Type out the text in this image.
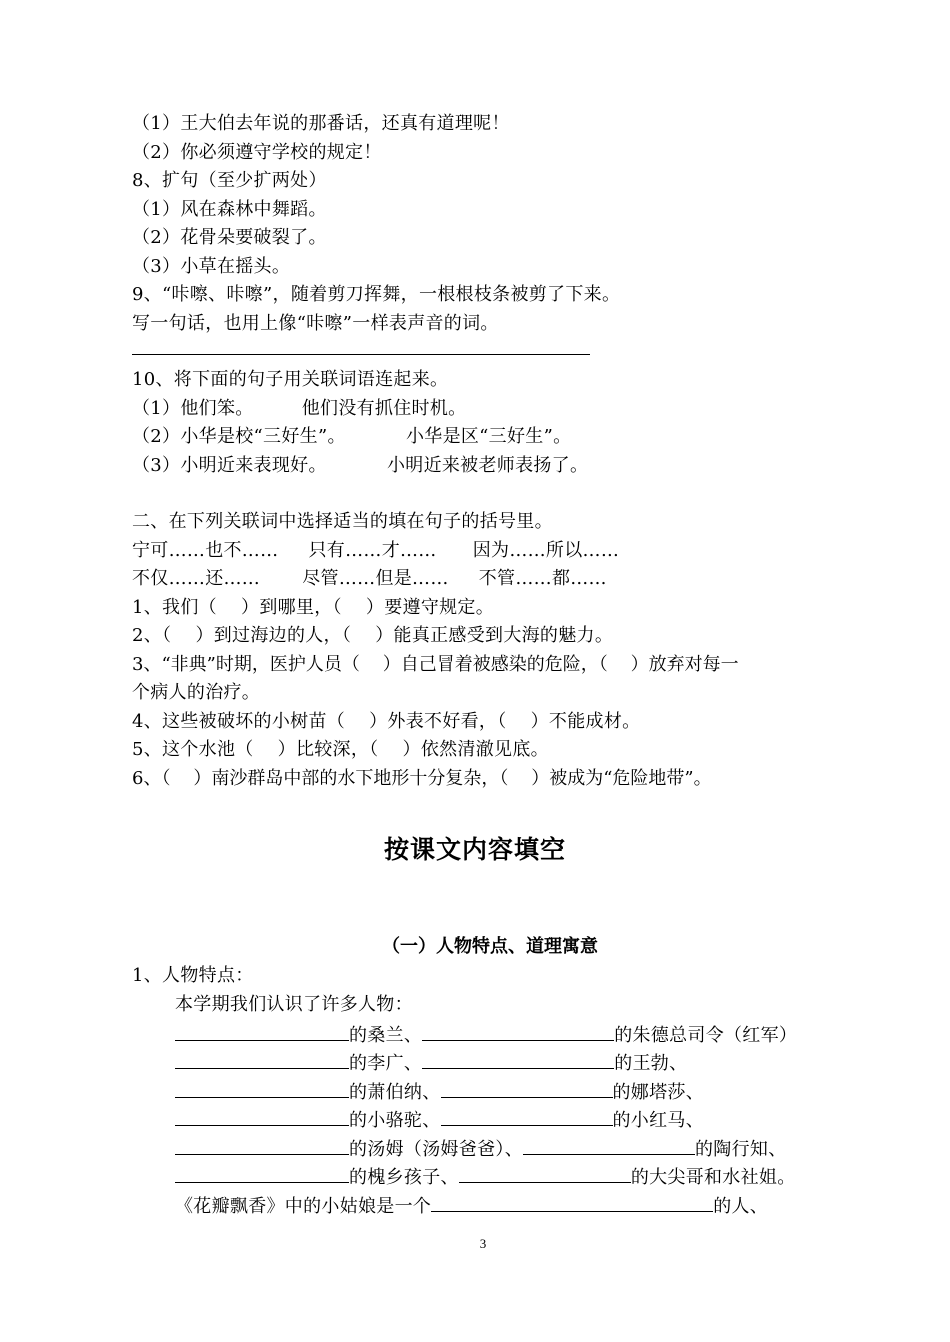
（1）王大伯去年说的那番话，还真有道理呢！
（2）你必须遵守学校的规定！
8、扩句（至少扩两处）
（1）风在森林中舞蹈。
（2）花骨朵要破裂了。
（3）小草在摇头。
9、“咔嚓、咔嚓”，随着剪刀挥舞，一根根枝条被剪了下来。
写一句话，也用上像“咔嚓”一样表声音的词。
10、将下面的句子用关联词语连起来。
（1）他们笨。        他们没有抓住时机。
（2）小华是校“三好生”。          小华是区“三好生”。
（3）小明近来表现好。          小明近来被老师表扬了。
二、在下列关联词中选择适当的填在句子的括号里。
宁可……也不……     只有……才……      因为……所以……
不仅……还……       尽管……但是……     不管……都……
1、我们（    ）到哪里，（    ）要遵守规定。
2、（    ）到过海边的人，（    ）能真正感受到大海的魅力。
3、“非典”时期，医护人员（    ）自己冒着被感染的危险，（    ）放弃对每一
个病人的治疗。
4、这些被破坏的小树苗（    ）外表不好看，（    ）不能成材。
5、这个水池（    ）比较深，（    ）依然清澈见底。
6、（    ）南沙群岛中部的水下地形十分复杂，（    ）被成为“危险地带”。
按课文内容填空
（一）人物特点、道理寓意
1、人物特点：
本学期我们认识了许多人物：
的桑兰、	的朱德总司令（红军）
的李广、	的王勃、
的萧伯纳、	的娜塔莎、
的小骆驼、	的小红马、
的汤姆（汤姆爸爸）、	的陶行知、
的槐乡孩子、	的大尖哥和水社姐。
《花瓣飘香》中的小姑娘是一个	的人、
3
